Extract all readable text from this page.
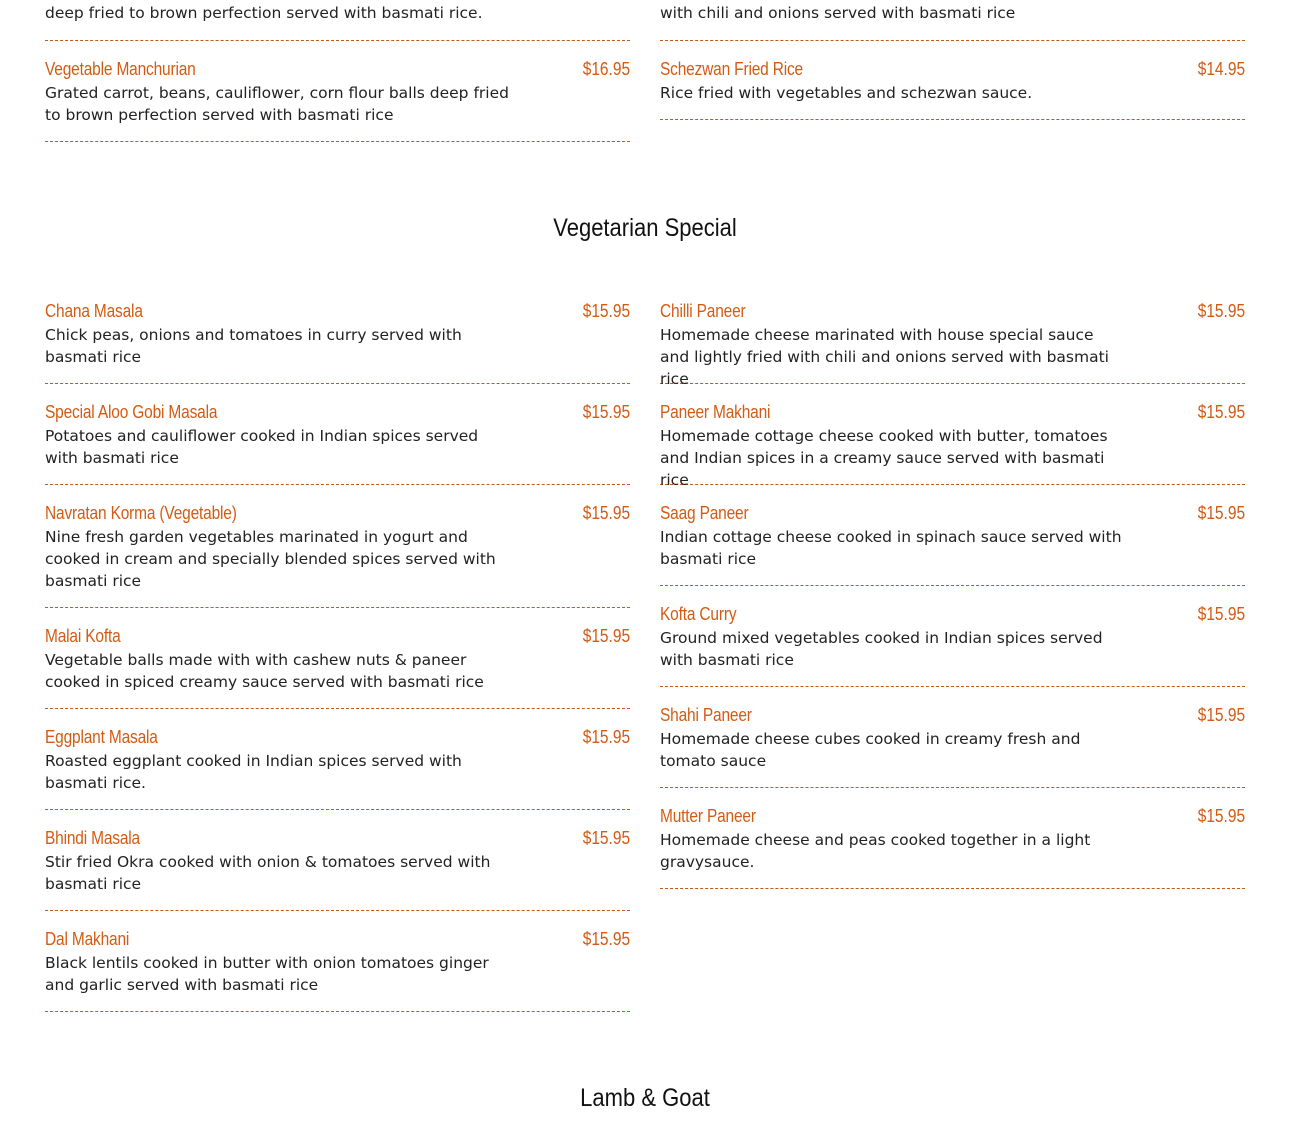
deep fried to brown perfection served with basmati rice.	with chili and onions served with basmati rice
Vegetable Manchurian	$16.95
Grated carrot, beans, cauliflower, corn flour balls deep fried to brown perfection served with basmati rice
Schezwan Fried Rice	$14.95
Rice fried with vegetables and schezwan sauce.
Vegetarian Special
Chana Masala	$15.95
Chick peas, onions and tomatoes in curry served with basmati rice
Special Aloo Gobi Masala	$15.95
Potatoes and cauliflower cooked in Indian spices served with basmati rice
Navratan Korma (Vegetable)	$15.95
Nine fresh garden vegetables marinated in yogurt and cooked in cream and specially blended spices served with basmati rice
Malai Kofta	$15.95
Vegetable balls made with with cashew nuts & paneer cooked in spiced creamy sauce served with basmati rice
Eggplant Masala	$15.95
Roasted eggplant cooked in Indian spices served with basmati rice.
Bhindi Masala	$15.95
Stir fried Okra cooked with onion & tomatoes served with basmati rice
Dal Makhani	$15.95
Black lentils cooked in butter with onion tomatoes ginger and garlic served with basmati rice
Chilli Paneer	$15.95
Homemade cheese marinated with house special sauce and lightly fried with chili and onions served with basmati rice
Paneer Makhani	$15.95
Homemade cottage cheese cooked with butter, tomatoes and Indian spices in a creamy sauce served with basmati rice
Saag Paneer	$15.95
Indian cottage cheese cooked in spinach sauce served with basmati rice
Kofta Curry	$15.95
Ground mixed vegetables cooked in Indian spices served with basmati rice
Shahi Paneer	$15.95
Homemade cheese cubes cooked in creamy fresh and tomato sauce
Mutter Paneer	$15.95
Homemade cheese and peas cooked together in a light gravysauce.
Lamb & Goat
